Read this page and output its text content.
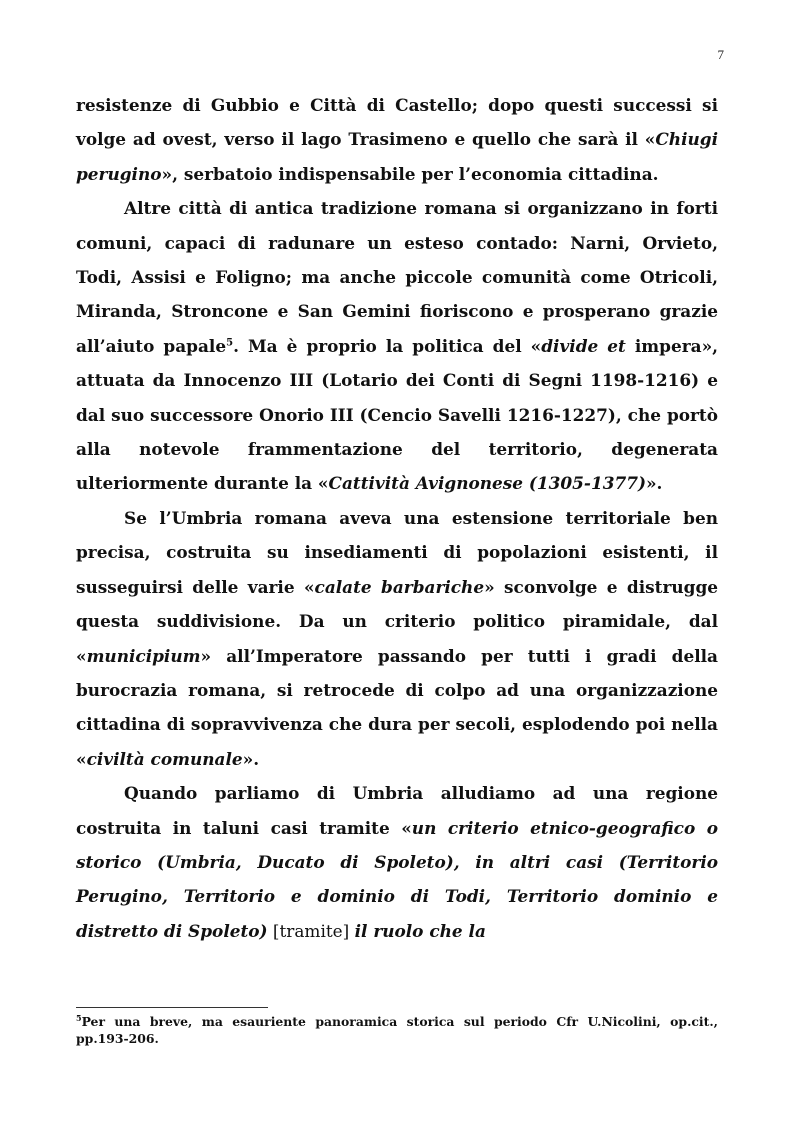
7

resistenze di Gubbio e Città di Castello; dopo questi successi si volge ad ovest, verso il lago Trasimeno e quello che sarà il «Chiugi perugino», serbatoio indispensabile per l’economia cittadina.

Altre città di antica tradizione romana si organizzano in forti comuni, capaci di radunare un esteso contado: Narni, Orvieto, Todi, Assisi e Foligno; ma anche piccole comunità come Otricoli, Miranda, Stroncone e San Gemini fioriscono e prosperano grazie all’aiuto papale$^5$. Ma è proprio la politica del «divide et impera», attuata da Innocenzo III (Lotario dei Conti di Segni 1198-1216) e dal suo successore Onorio III (Cencio Savelli 1216-1227), che portò alla notevole frammentazione del territorio, degenerata ulteriormente durante la «Cattività Avignonese (1305-1377)».

Se l’Umbria romana aveva una estensione territoriale ben precisa, costruita su insediamenti di popolazioni esistenti, il susseguirsi delle varie «calate barbariche» sconvolge e distrugge questa suddivisione. Da un criterio politico piramidale, dal «municipium» all’Imperatore passando per tutti i gradi della burocrazia romana, si retrocede di colpo ad una organizzazione cittadina di sopravvivenza che dura per secoli, esplodendo poi nella «civiltà comunale».

Quando parliamo di Umbria alludiamo ad una regione costruita in taluni casi tramite «un criterio etnico-geografico o storico (Umbria, Ducato di Spoleto), in altri casi (Territorio Perugino, Territorio e dominio di Todi, Territorio dominio e distretto di Spoleto) [tramite] il ruolo che la

$^5$Per una breve, ma esauriente panoramica storica sul periodo Cfr U.Nicolini, op.cit., pp.193-206.
